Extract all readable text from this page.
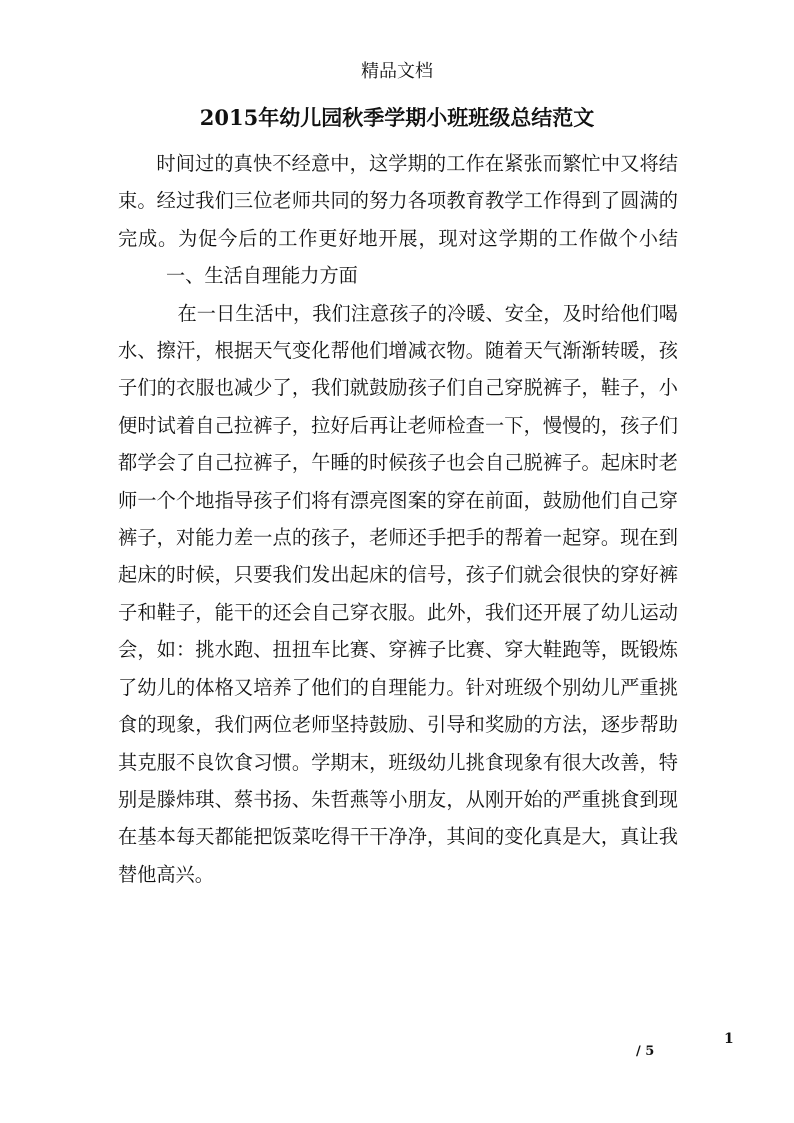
精品文档
2015年幼儿园秋季学期小班班级总结范文

时间过的真快不经意中，这学期的工作在紧张而繁忙中又将结束。经过我们三位老师共同的努力各项教育教学工作得到了圆满的完成。为促今后的工作更好地开展，现对这学期的工作做个小结一、生活自理能力方面

在一日生活中，我们注意孩子的冷暖、安全，及时给他们喝水、擦汗，根据天气变化帮他们增减衣物。随着天气渐渐转暖，孩子们的衣服也减少了，我们就鼓励孩子们自己穿脱裤子，鞋子，小便时试着自己拉裤子，拉好后再让老师检查一下，慢慢的，孩子们都学会了自己拉裤子，午睡的时候孩子也会自己脱裤子。起床时老师一个个地指导孩子们将有漂亮图案的穿在前面，鼓励他们自己穿裤子，对能力差一点的孩子，老师还手把手的帮着一起穿。现在到起床的时候，只要我们发出起床的信号，孩子们就会很快的穿好裤子和鞋子，能干的还会自己穿衣服。此外，我们还开展了幼儿运动会，如：挑水跑、扭扭车比赛、穿裤子比赛、穿大鞋跑等，既锻炼了幼儿的体格又培养了他们的自理能力。针对班级个别幼儿严重挑食的现象，我们两位老师坚持鼓励、引导和奖励的方法，逐步帮助其克服不良饮食习惯。学期末，班级幼儿挑食现象有很大改善，特别是滕炜琪、蔡书扬、朱哲燕等小朋友，从刚开始的严重挑食到现在基本每天都能把饭菜吃得干干净净，其间的变化真是大，真让我替他高兴。

1
/ 5
